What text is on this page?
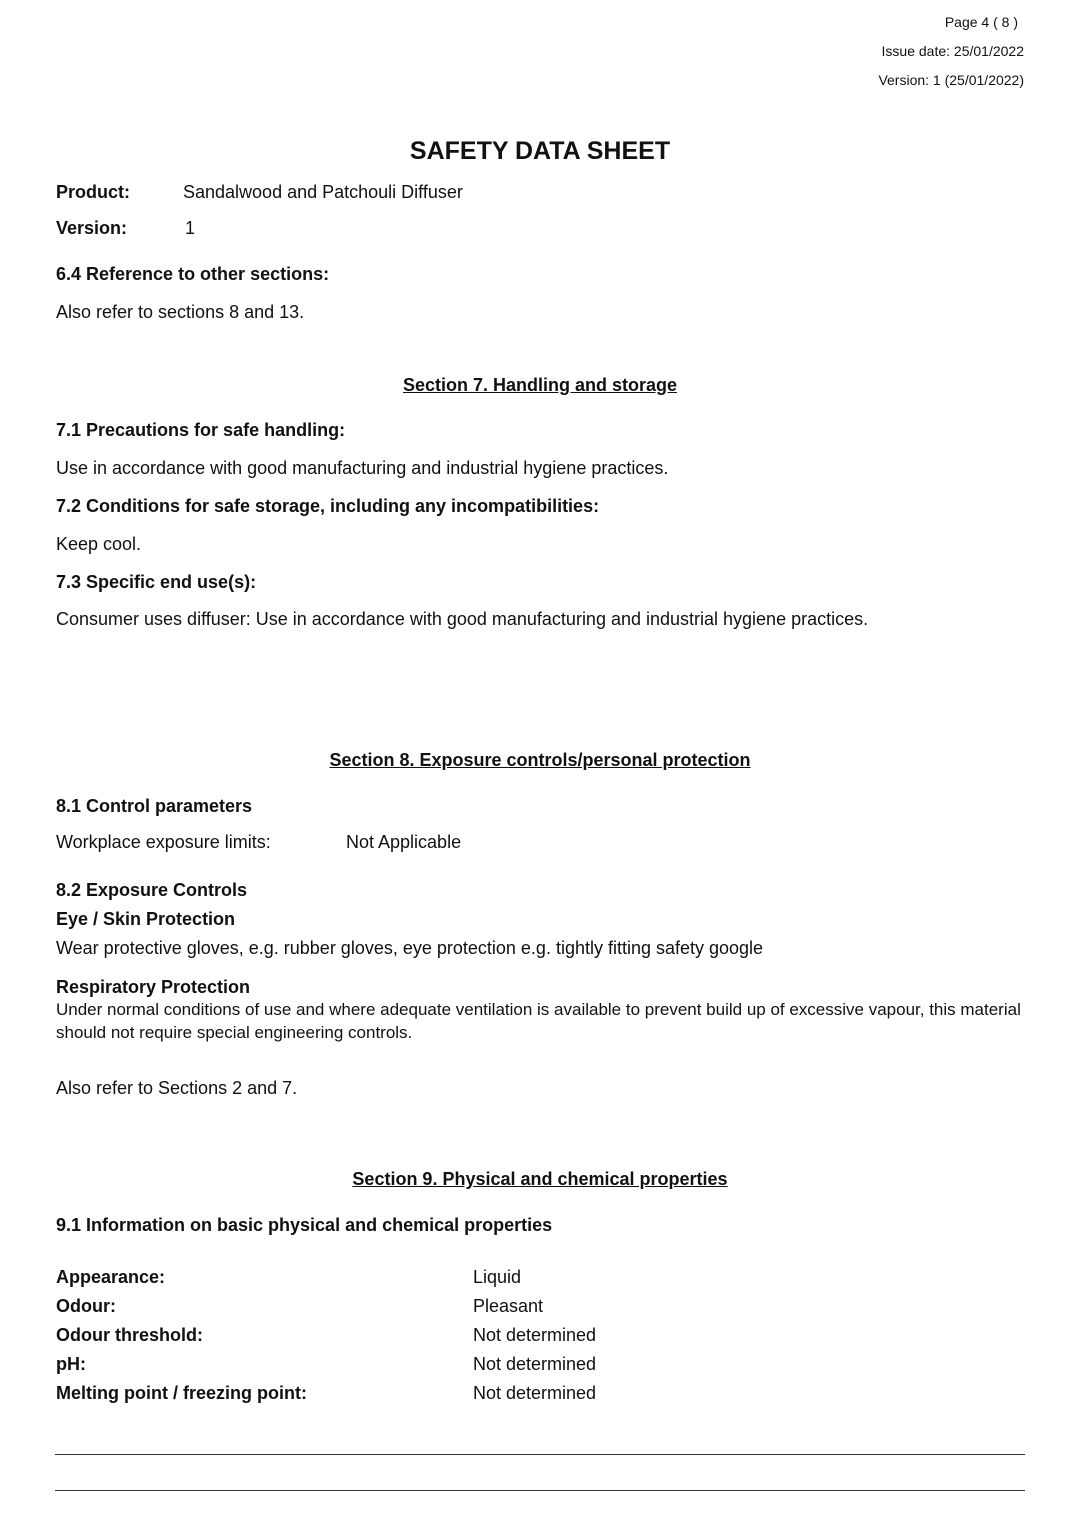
Page 4 ( 8 )
Issue date: 25/01/2022
Version: 1 (25/01/2022)
SAFETY DATA SHEET
Product:	Sandalwood and Patchouli Diffuser
Version:	1
6.4 Reference to other sections:
Also refer to sections 8 and 13.
Section 7. Handling and storage
7.1 Precautions for safe handling:
Use in accordance with good manufacturing and industrial hygiene practices.
7.2 Conditions for safe storage, including any incompatibilities:
Keep cool.
7.3 Specific end use(s):
Consumer uses diffuser: Use in accordance with good manufacturing and industrial hygiene practices.
Section 8. Exposure controls/personal protection
8.1 Control parameters
Workplace exposure limits:	Not Applicable
8.2 Exposure Controls
Eye / Skin Protection
Wear protective gloves, e.g. rubber gloves, eye protection e.g. tightly fitting safety google
Respiratory Protection
Under normal conditions of use and where adequate ventilation is available to prevent build up of excessive vapour, this material should not require special engineering controls.
Also refer to Sections 2 and 7.
Section 9. Physical and chemical properties
9.1 Information on basic physical and chemical properties
Appearance:	Liquid
Odour:	Pleasant
Odour threshold:	Not determined
pH:	Not determined
Melting point / freezing point:	Not determined
